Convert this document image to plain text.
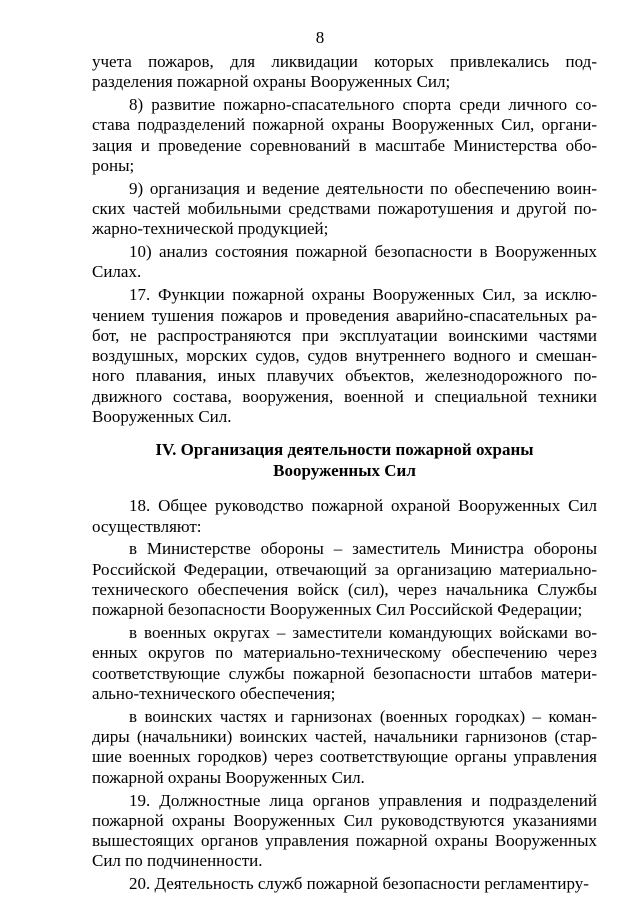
8

учета пожаров, для ликвидации которых привлекались подразделения пожарной охраны Вооруженных Сил;

8) развитие пожарно-спасательного спорта среди личного состава подразделений пожарной охраны Вооруженных Сил, организация и проведение соревнований в масштабе Министерства обороны;

9) организация и ведение деятельности по обеспечению воинских частей мобильными средствами пожаротушения и другой пожарно-технической продукцией;

10) анализ состояния пожарной безопасности в Вооруженных Силах.

17. Функции пожарной охраны Вооруженных Сил, за исключением тушения пожаров и проведения аварийно-спасательных работ, не распространяются при эксплуатации воинскими частями воздушных, морских судов, судов внутреннего водного и смешанного плавания, иных плавучих объектов, железнодорожного подвижного состава, вооружения, военной и специальной техники Вооруженных Сил.

IV. Организация деятельности пожарной охраны
Вооруженных Сил

18. Общее руководство пожарной охраной Вооруженных Сил осуществляют:

в Министерстве обороны – заместитель Министра обороны Российской Федерации, отвечающий за организацию материально-технического обеспечения войск (сил), через начальника Службы пожарной безопасности Вооруженных Сил Российской Федерации;

в военных округах – заместители командующих войсками военных округов по материально-техническому обеспечению через соответствующие службы пожарной безопасности штабов материально-технического обеспечения;

в воинских частях и гарнизонах (военных городках) – командиры (начальники) воинских частей, начальники гарнизонов (старшие военных городков) через соответствующие органы управления пожарной охраны Вооруженных Сил.

19. Должностные лица органов управления и подразделений пожарной охраны Вооруженных Сил руководствуются указаниями вышестоящих органов управления пожарной охраны Вооруженных Сил по подчиненности.

20. Деятельность служб пожарной безопасности регламентиру-
